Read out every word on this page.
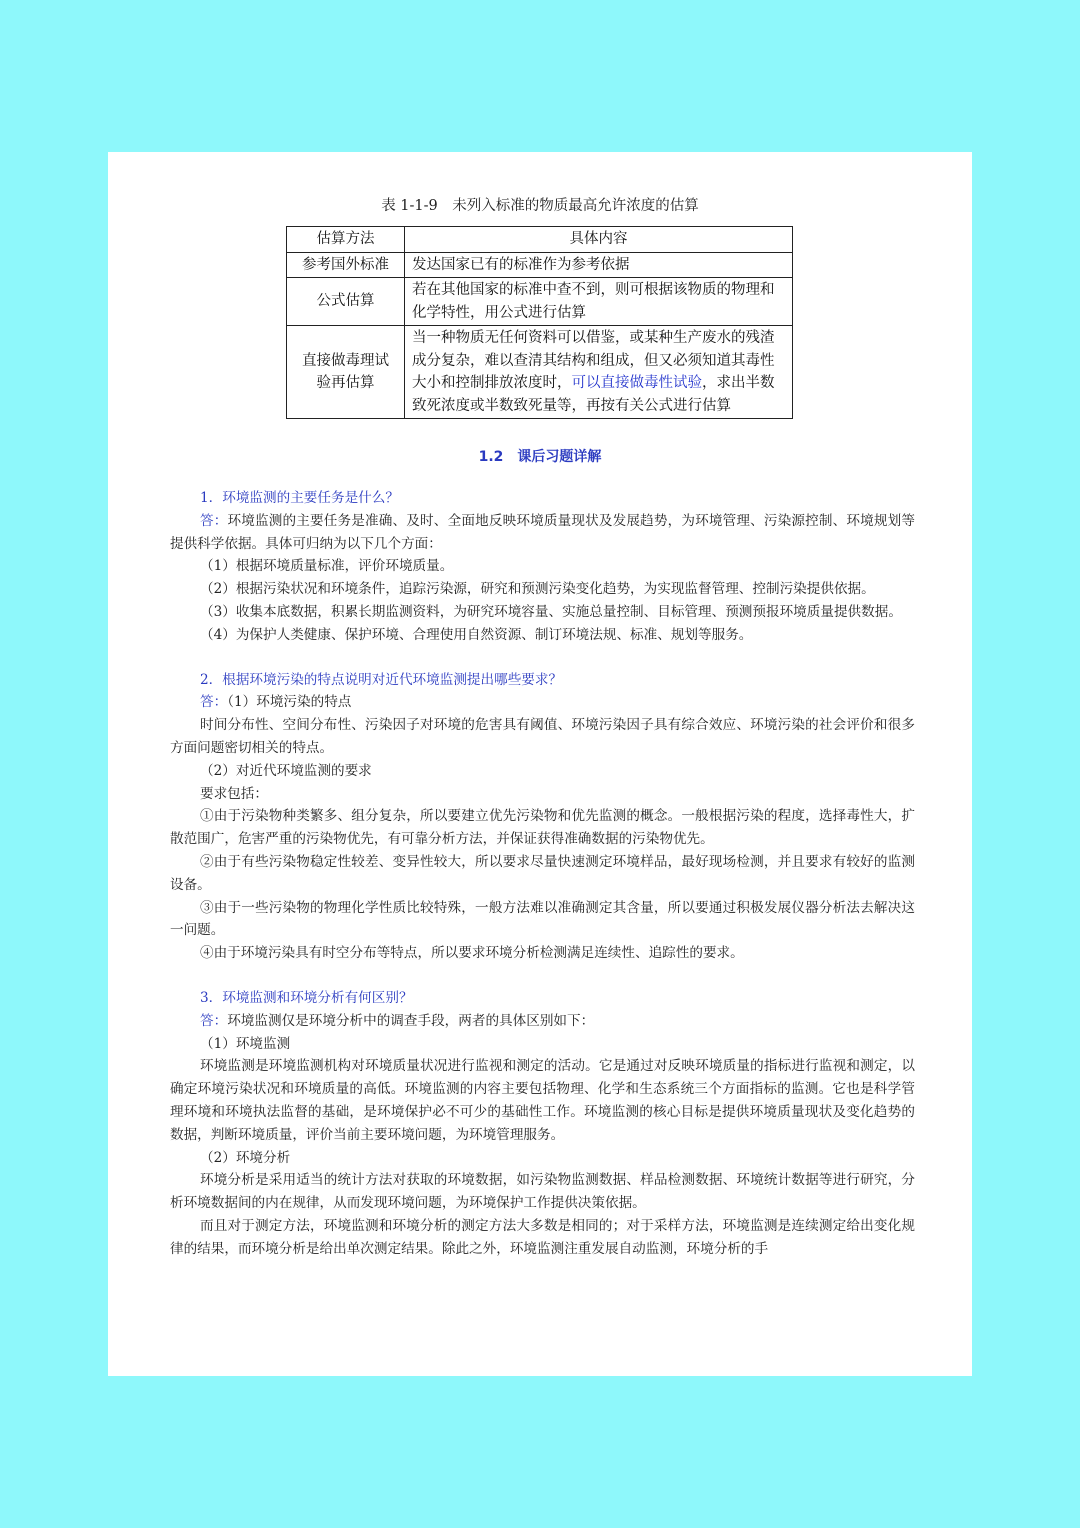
表 1-1-9　未列入标准的物质最高允许浓度的估算
估算方法	具体内容
参考国外标准	发达国家已有的标准作为参考依据
公式估算	若在其他国家的标准中查不到，则可根据该物质的物理和化学特性，用公式进行估算
直接做毒理试验再估算	当一种物质无任何资料可以借鉴，或某种生产废水的残渣成分复杂，难以查清其结构和组成，但又必须知道其毒性大小和控制排放浓度时，可以直接做毒性试验，求出半数致死浓度或半数致死量等，再按有关公式进行估算
1.2　课后习题详解

1．环境监测的主要任务是什么？

答：环境监测的主要任务是准确、及时、全面地反映环境质量现状及发展趋势，为环境管理、污染源控制、环境规划等提供科学依据。具体可归纳为以下几个方面：

（1）根据环境质量标准，评价环境质量。

（2）根据污染状况和环境条件，追踪污染源，研究和预测污染变化趋势，为实现监督管理、控制污染提供依据。

（3）收集本底数据，积累长期监测资料，为研究环境容量、实施总量控制、目标管理、预测预报环境质量提供数据。

（4）为保护人类健康、保护环境、合理使用自然资源、制订环境法规、标准、规划等服务。

2．根据环境污染的特点说明对近代环境监测提出哪些要求？

答：（1）环境污染的特点

时间分布性、空间分布性、污染因子对环境的危害具有阈值、环境污染因子具有综合效应、环境污染的社会评价和很多方面问题密切相关的特点。

（2）对近代环境监测的要求

要求包括：

①由于污染物种类繁多、组分复杂，所以要建立优先污染物和优先监测的概念。一般根据污染的程度，选择毒性大，扩散范围广，危害严重的污染物优先，有可靠分析方法，并保证获得准确数据的污染物优先。

②由于有些污染物稳定性较差、变异性较大，所以要求尽量快速测定环境样品，最好现场检测，并且要求有较好的监测设备。

③由于一些污染物的物理化学性质比较特殊，一般方法难以准确测定其含量，所以要通过积极发展仪器分析法去解决这一问题。

④由于环境污染具有时空分布等特点，所以要求环境分析检测满足连续性、追踪性的要求。

3．环境监测和环境分析有何区别？

答：环境监测仅是环境分析中的调查手段，两者的具体区别如下：

（1）环境监测

环境监测是环境监测机构对环境质量状况进行监视和测定的活动。它是通过对反映环境质量的指标进行监视和测定，以确定环境污染状况和环境质量的高低。环境监测的内容主要包括物理、化学和生态系统三个方面指标的监测。它也是科学管理环境和环境执法监督的基础，是环境保护必不可少的基础性工作。环境监测的核心目标是提供环境质量现状及变化趋势的数据，判断环境质量，评价当前主要环境问题，为环境管理服务。

（2）环境分析

环境分析是采用适当的统计方法对获取的环境数据，如污染物监测数据、样品检测数据、环境统计数据等进行研究，分析环境数据间的内在规律，从而发现环境问题，为环境保护工作提供决策依据。

而且对于测定方法，环境监测和环境分析的测定方法大多数是相同的；对于采样方法，环境监测是连续测定给出变化规律的结果，而环境分析是给出单次测定结果。除此之外，环境监测注重发展自动监测，环境分析的手
